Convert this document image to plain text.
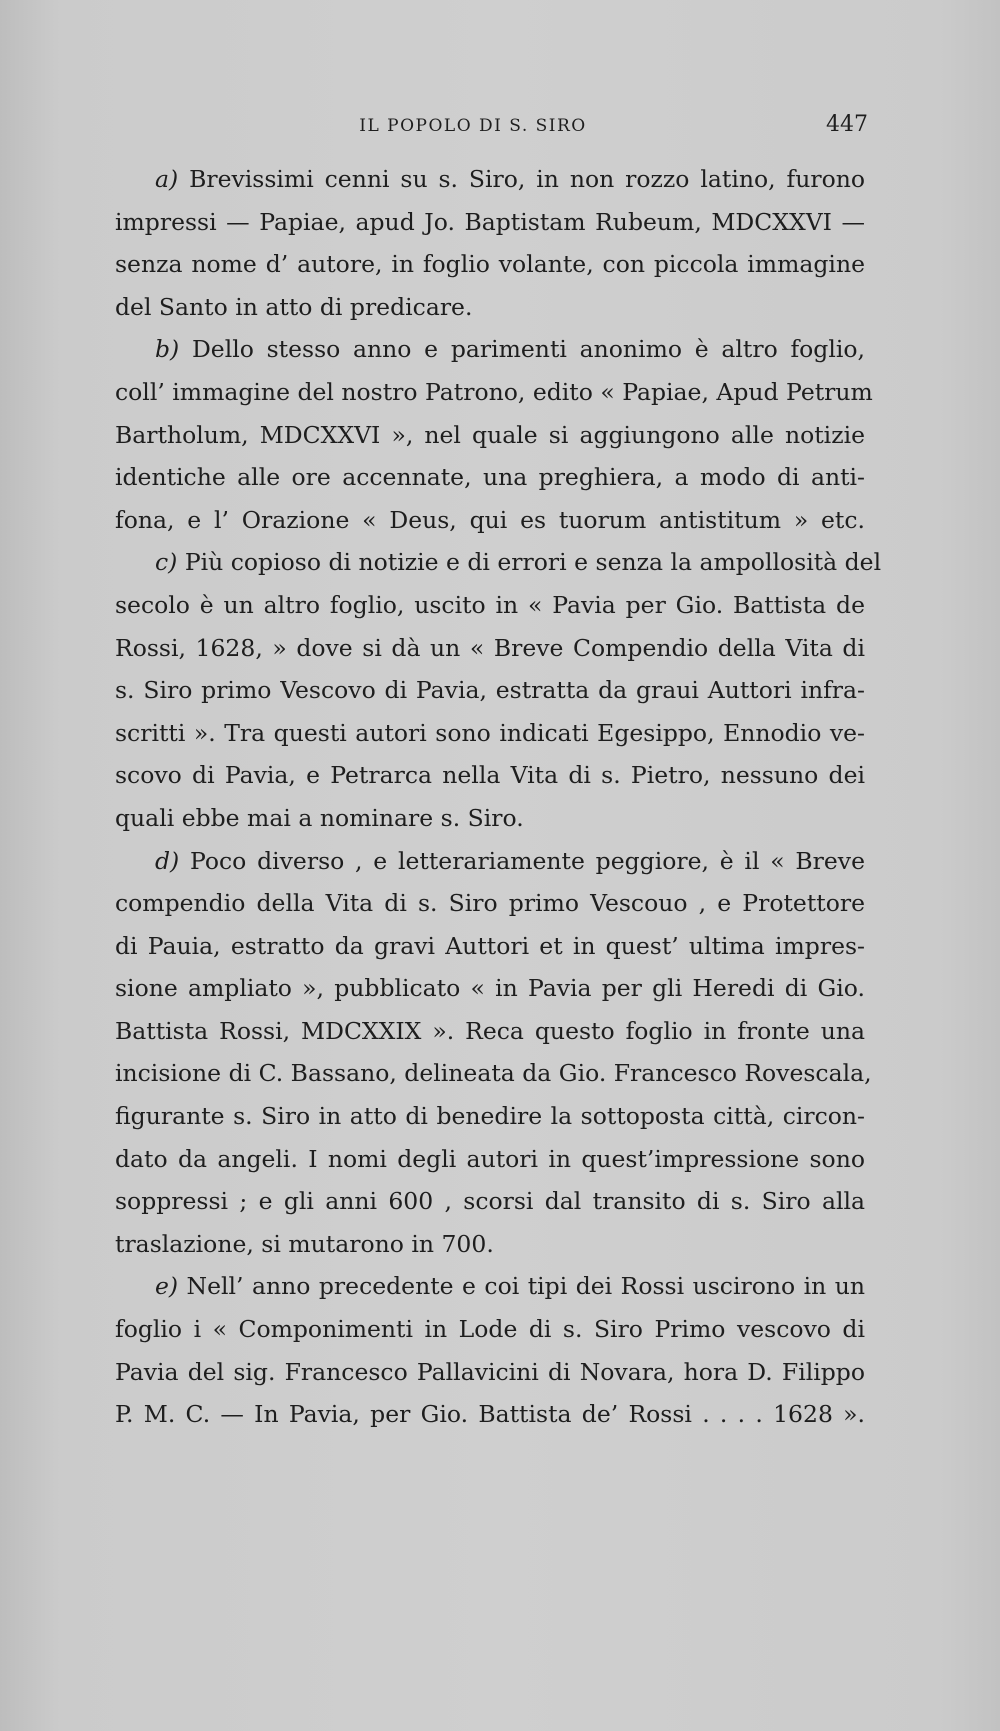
IL POPOLO DI S. SIRO	447
a) Brevissimi cenni su s. Siro, in non rozzo latino, furono
impressi — Papiae, apud Jo. Baptistam Rubeum, MDCXXVI —
senza nome d’ autore, in foglio volante, con piccola immagine
del Santo in atto di predicare.
b) Dello stesso anno e parimenti anonimo è altro foglio,
coll’ immagine del nostro Patrono, edito « Papiae, Apud Petrum
Bartholum, MDCXXVI », nel quale si aggiungono alle notizie
identiche alle ore accennate, una preghiera, a modo di anti-
fona, e l’ Orazione « Deus, qui es tuorum antistitum » etc.
c) Più copioso di notizie e di errori e senza la ampollosità del
secolo è un altro foglio, uscito in « Pavia per Gio. Battista de
Rossi, 1628, » dove si dà un « Breve Compendio della Vita di
s. Siro primo Vescovo di Pavia, estratta da graui Auttori infra-
scritti ». Tra questi autori sono indicati Egesippo, Ennodio ve-
scovo di Pavia, e Petrarca nella Vita di s. Pietro, nessuno dei
quali ebbe mai a nominare s. Siro.
d) Poco diverso , e letterariamente peggiore, è il « Breve
compendio della Vita di s. Siro primo Vescouo , e Protettore
di Pauia, estratto da gravi Auttori et in quest’ ultima impres-
sione ampliato », pubblicato « in Pavia per gli Heredi di Gio.
Battista Rossi, MDCXXIX ». Reca questo foglio in fronte una
incisione di C. Bassano, delineata da Gio. Francesco Rovescala,
figurante s. Siro in atto di benedire la sottoposta città, circon-
dato da angeli. I nomi degli autori in quest’impressione sono
soppressi ; e gli anni 600 , scorsi dal transito di s. Siro alla
traslazione, si mutarono in 700.
e) Nell’ anno precedente e coi tipi dei Rossi uscirono in un
foglio i « Componimenti in Lode di s. Siro Primo vescovo di
Pavia del sig. Francesco Pallavicini di Novara, hora D. Filippo
P. M. C. — In Pavia, per Gio. Battista de’ Rossi . . . . 1628 ».
